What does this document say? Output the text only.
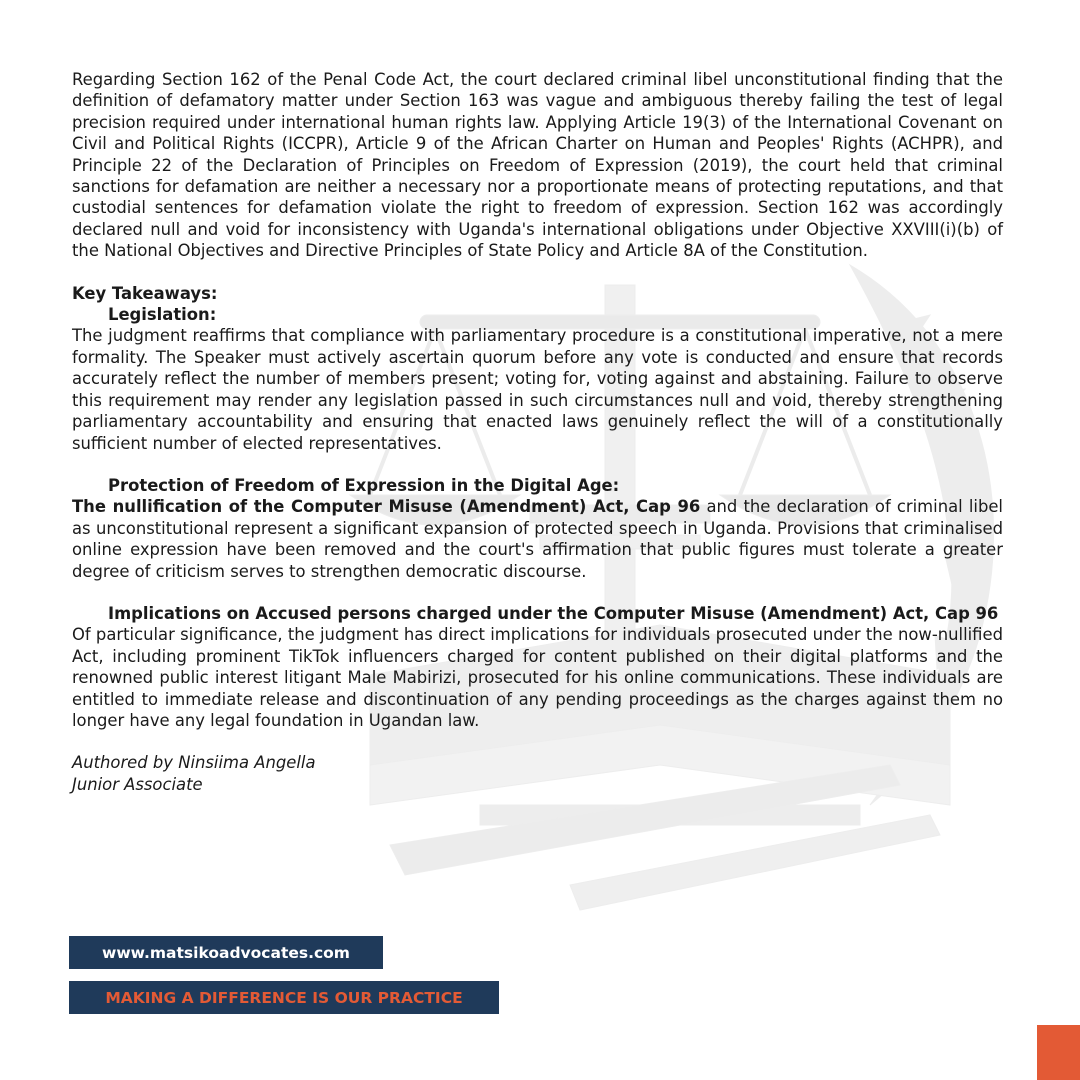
Regarding Section 162 of the Penal Code Act, the court declared criminal libel unconstitutional finding that the definition of defamatory matter under Section 163 was vague and ambiguous thereby failing the test of legal precision required under international human rights law. Applying Article 19(3) of the International Covenant on Civil and Political Rights (ICCPR), Article 9 of the African Charter on Human and Peoples' Rights (ACHPR), and Principle 22 of the Declaration of Principles on Freedom of Expression (2019), the court held that criminal sanctions for defamation are neither a necessary nor a proportionate means of protecting reputations, and that custodial sentences for defamation violate the right to freedom of expression. Section 162 was accordingly declared null and void for inconsistency with Uganda's international obligations under Objective XXVIII(i)(b) of the National Objectives and Directive Principles of State Policy and Article 8A of the Constitution.

Key Takeaways:

Legislation:

The judgment reaffirms that compliance with parliamentary procedure is a constitutional imperative, not a mere formality. The Speaker must actively ascertain quorum before any vote is conducted and ensure that records accurately reflect the number of members present; voting for, voting against and abstaining. Failure to observe this requirement may render any legislation passed in such circumstances null and void, thereby strengthening parliamentary accountability and ensuring that enacted laws genuinely reflect the will of a constitutionally sufficient number of elected representatives.

Protection of Freedom of Expression in the Digital Age:

The nullification of the Computer Misuse (Amendment) Act, Cap 96 and the declaration of criminal libel as unconstitutional represent a significant expansion of protected speech in Uganda. Provisions that criminalised online expression have been removed and the court's affirmation that public figures must tolerate a greater degree of criticism serves to strengthen democratic discourse.

Implications on Accused persons charged under the Computer Misuse (Amendment) Act, Cap 96

Of particular significance, the judgment has direct implications for individuals prosecuted under the now-nullified Act, including prominent TikTok influencers charged for content published on their digital platforms and the renowned public interest litigant Male Mabirizi, prosecuted for his online communications. These individuals are entitled to immediate release and discontinuation of any pending proceedings as the charges against them no longer have any legal foundation in Ugandan law.

Authored by Ninsiima Angella

Junior Associate

www.matsikoadvocates.com
MAKING A DIFFERENCE IS OUR PRACTICE
